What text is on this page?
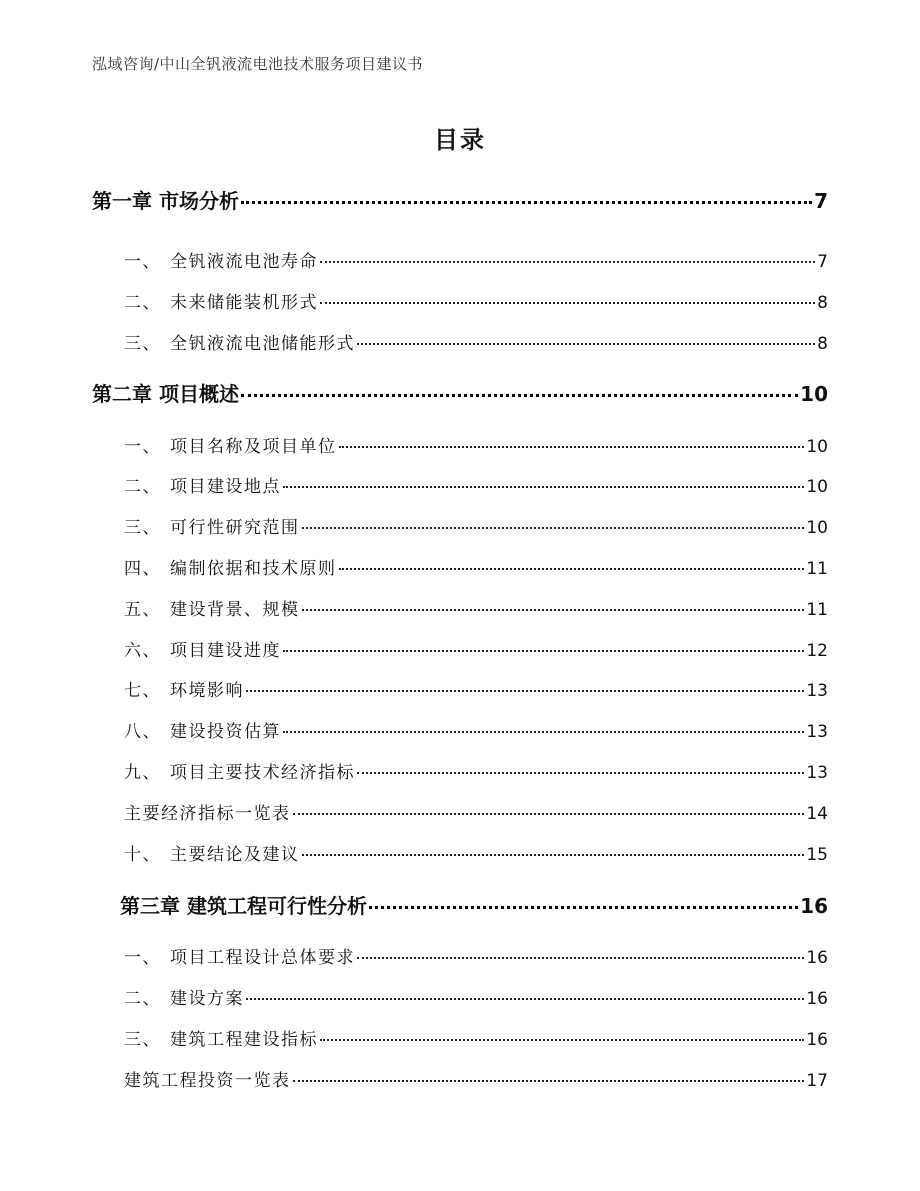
泓域咨询/中山全钒液流电池技术服务项目建议书
目录
第一章 市场分析	7
一、 全钒液流电池寿命	7
二、 未来储能装机形式	8
三、 全钒液流电池储能形式	8
第二章 项目概述	10
一、 项目名称及项目单位	10
二、 项目建设地点	10
三、 可行性研究范围	10
四、 编制依据和技术原则	11
五、 建设背景、规模	11
六、 项目建设进度	12
七、 环境影响	13
八、 建设投资估算	13
九、 项目主要技术经济指标	13
主要经济指标一览表	14
十、 主要结论及建议	15
第三章 建筑工程可行性分析	16
一、 项目工程设计总体要求	16
二、 建设方案	16
三、 建筑工程建设指标	16
建筑工程投资一览表	17
